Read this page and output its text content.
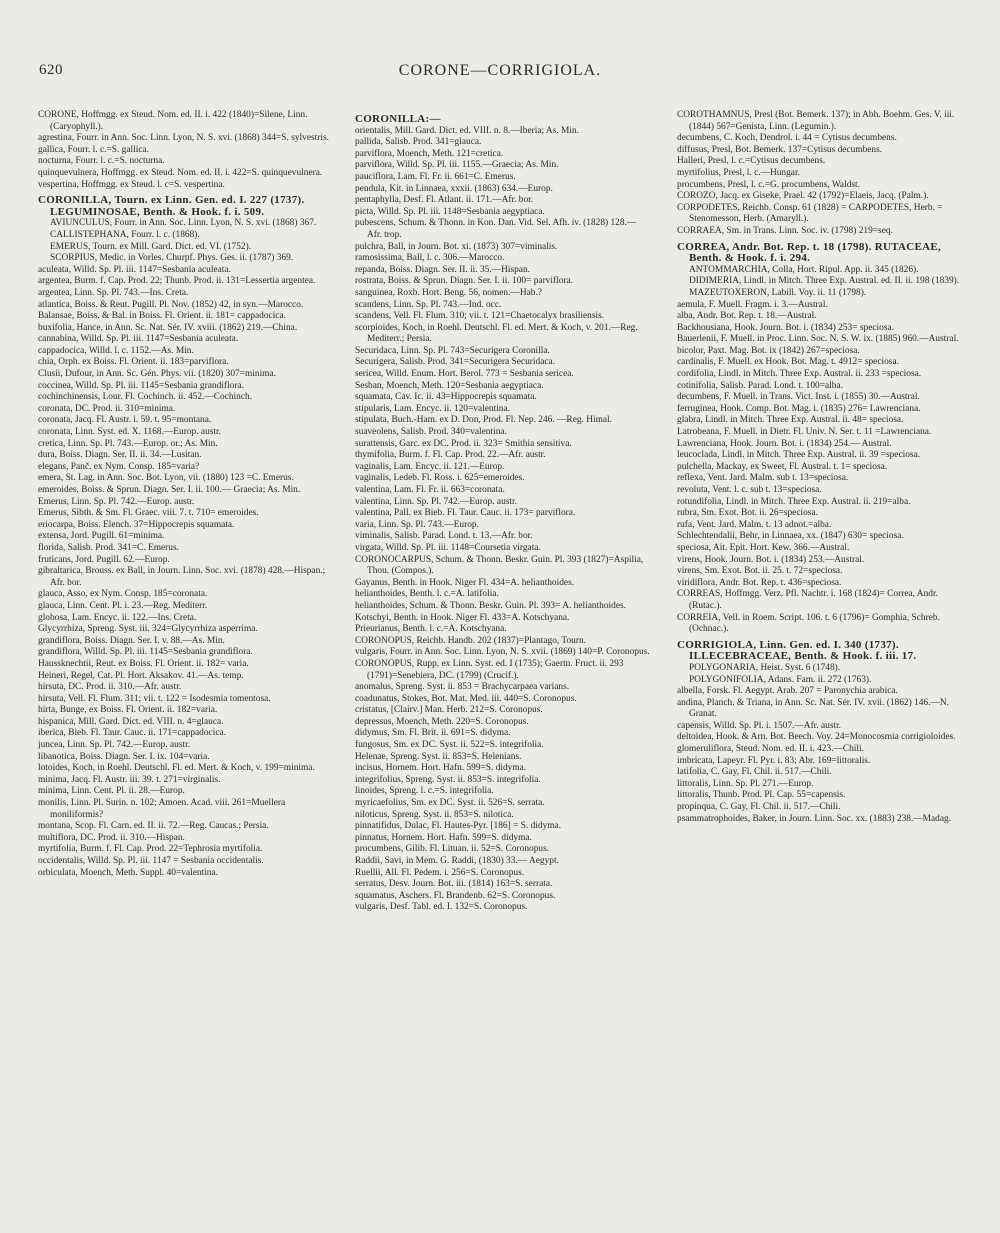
620	CORONE—CORRIGIOLA.

CORONE, Hoffmgg. ex Steud. Nom. ed. II. i. 422 (1840)=Silene, Linn. (Caryophyll.).

agrestina, Fourr. in Ann. Soc. Linn. Lyon, N. S. xvi. (1868) 344=S. sylvestris.

gallica, Fourr. l. c.=S. gallica.

nocturna, Fourr. l. c.=S. nocturna.

quinquevulnera, Hoffmgg. ex Steud. Nom. ed. II. i. 422=S. quinquevulnera.

vespertina, Hoffmgg. ex Steud. l. c=S. vespertina.

CORONILLA, Tourn. ex Linn. Gen. ed. I. 227 (1737). LEGUMINOSAE, Benth. & Hook. f. i. 509.

AVIUNCULUS, Fourr. in Ann. Soc. Linn. Lyon, N. S. xvi. (1868) 367.

CALLISTEPHANA, Fourr. l. c. (1868).

EMERUS, Tourn. ex Mill. Gard. Dict. ed. VI. (1752).

SCORPIUS, Medic. in Vorles. Churpf. Phys. Ges. ii. (1787) 369.

aculeata, Willd. Sp. Pl. iii. 1147=Sesbania aculeata.

argentea, Burm. f. Cap. Prod. 22; Thunb. Prod. ii. 131=Lessertia argentea.

argentea, Linn. Sp. Pl. 743.—Ins. Creta.

atlantica, Boiss. & Reut. Pugill. Pl. Nov. (1852) 42, in syn.—Marocco.

Balansae, Boiss. & Bal. in Boiss. Fl. Orient. ii. 181= cappadocica.

buxifolia, Hance, in Ann. Sc. Nat. Sér. IV. xviii. (1862) 219.—China.

cannabina, Willd. Sp. Pl. iii. 1147=Sesbania aculeata.

cappadocica, Willd. l. c. 1152.—As. Min.

chia, Orph. ex Boiss. Fl. Orient. ii. 183=parviflora.

Clusii, Dufour, in Ann. Sc. Gén. Phys. vii. (1820) 307=minima.

coccinea, Willd. Sp. Pl. iii. 1145=Sesbania grandiflora.

cochinchinensis, Lour. Fl. Cochinch. ii. 452.—Cochinch.

coronata, DC. Prod. ii. 310=minima.

coronata, Jacq. Fl. Austr. i. 59. t. 95=montana.

coronata, Linn. Syst. ed. X. 1168.—Europ. austr.

cretica, Linn. Sp. Pl. 743.—Europ. or.; As. Min.

dura, Boiss. Diagn. Ser. II. ii. 34.—Lusitan.

elegans, Panč. ex Nym. Consp. 185=varia?

emera, St. Lag. in Ann. Soc. Bot. Lyon, vii. (1880) 123 =C. Emerus.

emeroides, Boiss. & Sprun. Diagn. Ser. I. ii. 100.— Graecia; As. Min.

Emerus, Linn. Sp. Pl. 742.—Europ. austr.

Emerus, Sibth. & Sm. Fl. Graec. viii. 7. t. 710= emeroides.

eriocarpa, Boiss. Elench. 37=Hippocrepis squamata.

extensa, Jord. Pugill. 61=minima.

florida, Salisb. Prod. 341=C. Emerus.

fruticans, Jord. Pugill. 62.—Europ.

gibraltarica, Brouss. ex Ball, in Journ. Linn. Soc. xvi. (1878) 428.—Hispan.; Afr. bor.

glauca, Asso, ex Nym. Consp. 185=coronata.

glauca, Linn. Cent. Pl. i. 23.—Reg. Mediterr.

globosa, Lam. Encyc. ii. 122.—Ins. Creta.

Glycyrrhiza, Spreng. Syst. iii. 324=Glycyrrhiza asperrima.

grandiflora, Boiss. Diagn. Ser. I. v. 88.—As. Min.

grandiflora, Willd. Sp. Pl. iii. 1145=Sesbania grandiflora.

Haussknechtii, Reut. ex Boiss. Fl. Orient. ii. 182= varia.

Heineri, Regel, Cat. Pl. Hort. Aksakov. 41.—As. temp.

hirsuta, DC. Prod. ii. 310.—Afr. austr.

hirsuta, Vell. Fl. Flum. 311; vii. t. 122 = Isodesmia tomentosa.

hirta, Bunge, ex Boiss. Fl. Orient. ii. 182=varia.

hispanica, Mill. Gard. Dict. ed. VIII. n. 4=glauca.

iberica, Bieb. Fl. Taur. Cauc. ii. 171=cappadocica.

juncea, Linn. Sp. Pl. 742.—Europ. austr.

libanotica, Boiss. Diagn. Ser. I. ix. 104=varia.

lotoides, Koch, in Roehl. Deutschl. Fl. ed. Mert. & Koch, v. 199=minima.

minima, Jacq. Fl. Austr. iii. 39. t. 271=virginalis.

minima, Linn. Cent. Pl. ii. 28.—Europ.

monilis, Linn. Pl. Surin. n. 102; Amoen. Acad. viii. 261=Muellera moniliformis?

montana, Scop. Fl. Carn. ed. II. ii. 72.—Reg. Caucas.; Persia.

multiflora, DC. Prod. ii. 310.—Hispan.

myrtifolia, Burm. f. Fl. Cap. Prod. 22=Tephrosia myrtifolia.

occidentalis, Willd. Sp. Pl. iii. 1147 = Sesbania occidentalis.

orbiculata, Moench, Meth. Suppl. 40=valentina.

CORONILLA:—

orientalis, Mill. Gard. Dict. ed. VIII. n. 8.—Iberia; As. Min.

pallida, Salisb. Prod. 341=glauca.

parviflora, Moench, Meth. 121=cretica.

parviflora, Willd. Sp. Pl. iii. 1155.—Graecia; As. Min.

pauciflora, Lam. Fl. Fr. ii. 661=C. Emerus.

pendula, Kit. in Linnaea, xxxii. (1863) 634.—Europ.

pentaphylla, Desf. Fl. Atlant. ii. 171.—Afr. bor.

picta, Willd. Sp. Pl. iii. 1148=Sesbania aegyptiaca.

pubescens, Schum. & Thonn. in Kon. Dan. Vid. Sel. Afh. iv. (1828) 128.—Afr. trop.

pulchra, Ball, in Journ. Bot. xi. (1873) 307=viminalis.

ramosissima, Ball, l. c. 306.—Marocco.

repanda, Boiss. Diagn. Ser. II. ii. 35.—Hispan.

rostrata, Boiss. & Sprun. Diagn. Ser. I. ii. 100= parviflora.

sanguinea, Roxb. Hort. Beng. 56, nomen.—Hab.?

scandens, Linn. Sp. Pl. 743.—Ind. occ.

scandens, Vell. Fl. Flum. 310; vii. t. 121=Chaetocalyx brasiliensis.

scorpioides, Koch, in Roehl. Deutschl. Fl. ed. Mert. & Koch, v. 201.—Reg. Mediterr.; Persia.

Securidaca, Linn. Sp. Pl. 743=Securigera Coronilla.

Securigera, Salisb. Prod. 341=Securigera Securidaca.

sericea, Willd. Enum. Hort. Berol. 773 = Sesbania sericea.

Sesban, Moench, Meth. 120=Sesbania aegyptiaca.

squamata, Cav. Ic. ii. 43=Hippocrepis squamata.

stipularis, Lam. Encyc. ii. 120=valentina.

stipulata, Buch.-Ham. ex D. Don, Prod. Fl. Nep. 246. —Reg. Himal.

suaveolens, Salisb. Prod. 340=valentina.

surattensis, Garc. ex DC. Prod. ii. 323= Smithia sensitiva.

thymifolia, Burm. f. Fl. Cap. Prod. 22.—Afr. austr.

vaginalis, Lam. Encyc. ii. 121.—Europ.

vaginalis, Ledeb. Fl. Ross. i. 625=emeroides.

valentina, Lam. Fl. Fr. ii. 663=coronata.

valentina, Linn. Sp. Pl. 742.—Europ. austr.

valentina, Pall. ex Bieb. Fl. Taur. Cauc. ii. 173= parviflora.

varia, Linn. Sp. Pl. 743.—Europ.

viminalis, Salisb. Parad. Lond. t. 13.—Afr. bor.

virgata, Willd. Sp. Pl. iii. 1148=Coursetia virgata.

CORONOCARPUS, Schum. & Thonn. Beskr. Guin. Pl. 393 (1827)=Aspilia, Thou. (Compos.).

Gayanus, Benth. in Hook. Niger Fl. 434=A. helianthoides.

helianthoides, Benth. l. c.=A. latifolia.

helianthoides, Schum. & Thonn. Beskr. Guin. Pl. 393= A. helianthoides.

Kotschyi, Benth. in Hook. Niger Fl. 433=A. Kotschyana.

Prieurianus, Benth. l. c.=A. Kotschyana.

CORONOPUS, Reichb. Handb. 202 (1837)=Plantago, Tourn.

vulgaris, Fourr. in Ann. Soc. Linn. Lyon, N. S. xvii. (1869) 140=P. Coronopus.

CORONOPUS, Rupp. ex Linn. Syst. ed. I (1735); Gaertn. Fruct. ii. 293 (1791)=Senebiera, DC. (1799) (Crucif.).

anomalus, Spreng. Syst. ii. 853 = Brachycarpaea varians.

coadunatus, Stokes, Bot. Mat. Med. iii. 440=S. Coronopus.

cristatus, [Clairv.] Man. Herb. 212=S. Coronopus.

depressus, Moench, Meth. 220=S. Coronopus.

didymus, Sm. Fl. Brit. ii. 691=S. didyma.

fungosus, Sm. ex DC. Syst. ii. 522=S. integrifolia.

Helenae, Spreng. Syst. ii. 853=S. Helenians.

incisus, Hornem. Hort. Hafn. 599=S. didyma.

integrifolius, Spreng. Syst. ii. 853=S. integrifolia.

linoides, Spreng. l. c.=S. integrifolia.

myricaefolius, Sm. ex DC. Syst. ii. 526=S. serrata.

niloticus, Spreng. Syst. ii. 853=S. nilotica.

pinnatifidus, Dulac, Fl. Hautes-Pyr. [186] = S. didyma.

pinnatus, Hornem. Hort. Hafn. 599=S. didyma.

procumbens, Gilib. Fl. Lituan. ii. 52=S. Coronopus.

Raddii, Savi, in Mem. G. Raddi, (1830) 33.— Aegypt.

Ruellii, All. Fl. Pedem. i. 256=S. Coronopus.

serratus, Desv. Journ. Bot. iii. (1814) 163=S. serrata.

squamatus, Aschers. Fl. Brandenb. 62=S. Coronopus.

vulgaris, Desf. Tabl. ed. I. 132=S. Coronopus.

COROTHAMNUS, Presl (Bot. Bemerk. 137); in Abh. Boehm. Ges. V. iii. (1844) 567=Genista, Linn. (Legumin.).

decumbens, C. Koch, Dendrol. i. 44 = Cytisus decumbens.

diffusus, Presl, Bot. Bemerk. 137=Cytisus decumbens.

Halleri, Presl, l. c.=Cytisus decumbens.

myrtifolius, Presl, l. c.—Hungar.

procumbens, Presl, l. c.=G. procumbens, Waldst.

COROZO, Jacq. ex Giseke, Prael. 42 (1792)=Elaeis, Jacq. (Palm.).

CORPODETES, Reichb. Consp. 61 (1828) = CARPODETES, Herb. = Stenomesson, Herb. (Amaryll.).

CORRAEA, Sm. in Trans. Linn. Soc. iv. (1798) 219=seq.

CORREA, Andr. Bot. Rep. t. 18 (1798). RUTACEAE, Benth. & Hook. f. i. 294.

ANTOMMARCHIA, Colla, Hort. Ripul. App. ii. 345 (1826).

DIDIMERIA, Lindl. in Mitch. Three Exp. Austral. ed. II. ii. 198 (1839).

MAZEUTOXERON, Labill. Voy. ii. 11 (1798).

aemula, F. Muell. Fragm. i. 3.—Austral.

alba, Andr. Bot. Rep. t. 18.—Austral.

Backhousiana, Hook. Journ. Bot. i. (1834) 253= speciosa.

Bauerlenii, F. Muell. in Proc. Linn. Soc. N. S. W. ix. (1885) 960.—Austral.

bicolor, Paxt. Mag. Bot. ix (1842) 267=speciosa.

cardinalis, F. Muell. ex Hook. Bot. Mag. t. 4912= speciosa.

cordifolia, Lindl. in Mitch. Three Exp. Austral. ii. 233 =speciosa.

cotinifolia, Salisb. Parad. Lond. t. 100=alba.

decumbens, F. Muell. in Trans. Vict. Inst. i. (1855) 30.—Austral.

ferruginea, Hook. Comp. Bot. Mag. i. (1835) 276= Lawrenciana.

glabra, Lindl. in Mitch. Three Exp. Austral. ii. 48= speciosa.

Latrobeana, F. Muell. in Dietr. Fl. Univ. N. Ser. t. 11 =Lawrenciana.

Lawrenciana, Hook. Journ. Bot. i. (1834) 254.— Austral.

leucoclada, Lindl. in Mitch. Three Exp. Austral. ii. 39 =speciosa.

pulchella, Mackay, ex Sweet, Fl. Austral. t. 1= speciosa.

reflexa, Vent. Jard. Malm. sub t. 13=speciosa.

revoluta, Vent. l. c. sub t. 13=speciosa.

rotundifolia, Lindl. in Mitch. Three Exp. Austral. ii. 219=alba.

rubra, Sm. Exot. Bot. ii. 26=speciosa.

rufa, Vent. Jard. Malm. t. 13 adnot.=alba.

Schlechtendalii, Behr, in Linnaea, xx. (1847) 630= speciosa.

speciosa, Ait. Epit. Hort. Kew. 366.—Austral.

virens, Hook. Journ. Bot. i. (1834) 253.—Austral.

virens, Sm. Exot. Bot. ii. 25. t. 72=speciosa.

viridiflora, Andr. Bot. Rep. t. 436=speciosa.

CORREAS, Hoffmgg. Verz. Pfl. Nachtr. i. 168 (1824)= Correa, Andr. (Rutac.).

CORREIA, Vell. in Roem. Script. 106. t. 6 (1796)= Gomphia, Schreb. (Ochnac.).

CORRIGIOLA, Linn. Gen. ed. I. 340 (1737). ILLECEBRACEAE, Benth. & Hook. f. iii. 17.

POLYGONARIA, Heist. Syst. 6 (1748).

POLYGONIFOLIA, Adans. Fam. ii. 272 (1763).

albella, Forsk. Fl. Aegypt. Arab. 207 = Paronychia arabica.

andina, Planch. & Triana, in Ann. Sc. Nat. Sér. IV. xvii. (1862) 146.—N. Granat.

capensis, Willd. Sp. Pl. i. 1507.—Afr. austr.

deltoidea, Hook. & Arn. Bot. Beech. Voy. 24=Monocosmia corrigioloides.

glomeruliflora, Steud. Nom. ed. II. i. 423.—Chili.

imbricata, Lapeyr. Fl. Pyr. i. 83; Abr. 169=littoralis.

latifolia, C. Gay, Fl. Chil. ii. 517.—Chili.

littoralis, Linn. Sp. Pl. 271.—Europ.

littoralis, Thunb. Prod. Pl. Cap. 55=capensis.

propinqua, C. Gay, Fl. Chil. ii. 517.—Chili.

psammatrophoides, Baker, in Journ. Linn. Soc. xx. (1883) 238.—Madag.
